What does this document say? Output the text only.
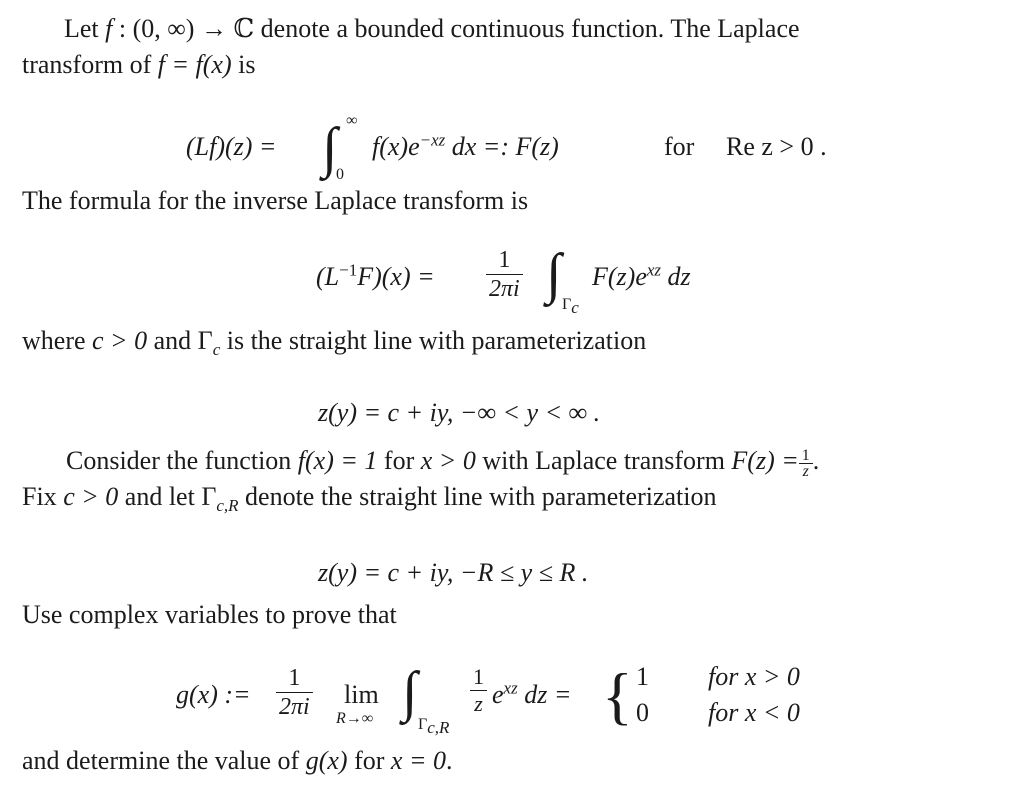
Let f : (0, ∞) → ℂ denote a bounded continuous function. The Laplace
transform of f = f(x) is
(Lf)(z) = ∫ ∞
0
$f(x)e^{-xz}$ dx =: F(z)	for Re z > 0 .
The formula for the inverse Laplace transform is
$(L^{-1}F)(x) = \frac{1}{2\pi i}$ ∫ Γc
$F(z)e^{xz}$ dz
where c > 0 and $\Gamma_c$ is the straight line with parameterization
z(y) = c + iy, −∞ < y < ∞ .
Consider the function f(x) = 1 for x > 0 with Laplace transform $F(z) = \frac{1}{z}$ .
Fix c > 0 and let $\Gamma_{c,R}$ denote the straight line with parameterization
z(y) = c + iy, −R ≤ y ≤ R .
Use complex variables to prove that
g(x) := $\frac{1}{2\pi i}$ lim
R→∞ ∫
Γc,R
$\frac{1}{z} e^{xz}$ dz = { 1 for x > 0
0 for x < 0
and determine the value of g(x) for x = 0.
